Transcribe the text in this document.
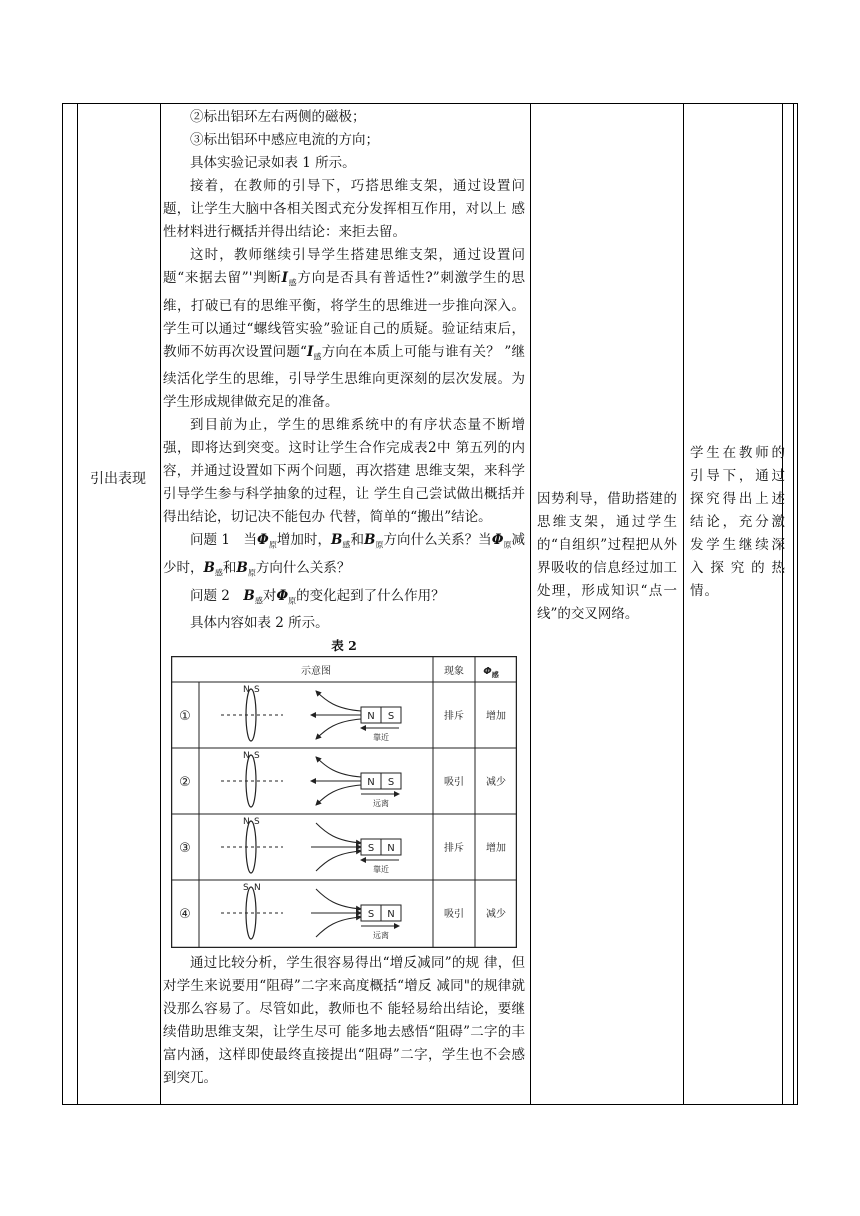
引出表现

②标出铝环左右两侧的磁极；

③标出铝环中感应电流的方向；

具体实验记录如表 1 所示。

接着，在教师的引导下，巧搭思维支架，通过设置问题，让学生大脑中各相关图式充分发挥相互作用，对以上 感性材料进行概括并得出结论：来拒去留。

这时，教师继续引导学生搭建思维支架，通过设置问题“来据去留”'判断$I_感$方向是否具有普适性?”刺激学生的思维，打破已有的思维平衡，将学生的思维进一步推向深入。 学生可以通过“螺线管实验”验证自己的质疑。验证结束后，教师不妨再次设置问题“$I_感$方向在本质上可能与谁有关？ ”继续活化学生的思维，引导学生思维向更深刻的层次发展。为学生形成规律做充足的准备。

到目前为止，学生的思维系统中的有序状态量不断增强，即将达到突变。这时让学生合作完成表2中 第五列的内容，并通过设置如下两个问题，再次搭建 思维支架，来科学引导学生参与科学抽象的过程，让 学生自己尝试做出概括并得出结论，切记决不能包办 代替，简单的“搬出”结论。

问题 1　当$\Phi_原$增加时，$B_感$和$B_原$方向什么关系？当$\Phi_原$减少时，$B_感$和$B_原$方向什么关系？

问题 2　$B_感$对$\Phi_原$的变化起到了什么作用？

具体内容如表 2 所示。

表 2
示意图	现象 $\Phi_感$
①
N S
N S
靠近
排斥 增加
②
N S
N S
远离
吸引 减少
③
N S
S N
靠近
排斥 增加
④
S N
S N
远离
吸引 减少

通过比较分析，学生很容易得出“增反减同”的规 律，但对学生来说要用“阻碍”二字来高度概括“增反 减同"的规律就没那么容易了。尽管如此，教师也不 能轻易给出结论，要继续借助思维支架，让学生尽可 能多地去感悟“阻碍”二字的丰富内涵，这样即使最终直接提出“阻碍”二字，学生也不会感到突兀。

因势利导，借助搭建的思维支架，通过学生的“自组织”过程把从外界吸收的信息经过加工处理，形成知识“点一线”的交叉网络。
学生在教师的引导下，通过探究得出上述结论，充分激发学生继续深入探究的热情。
